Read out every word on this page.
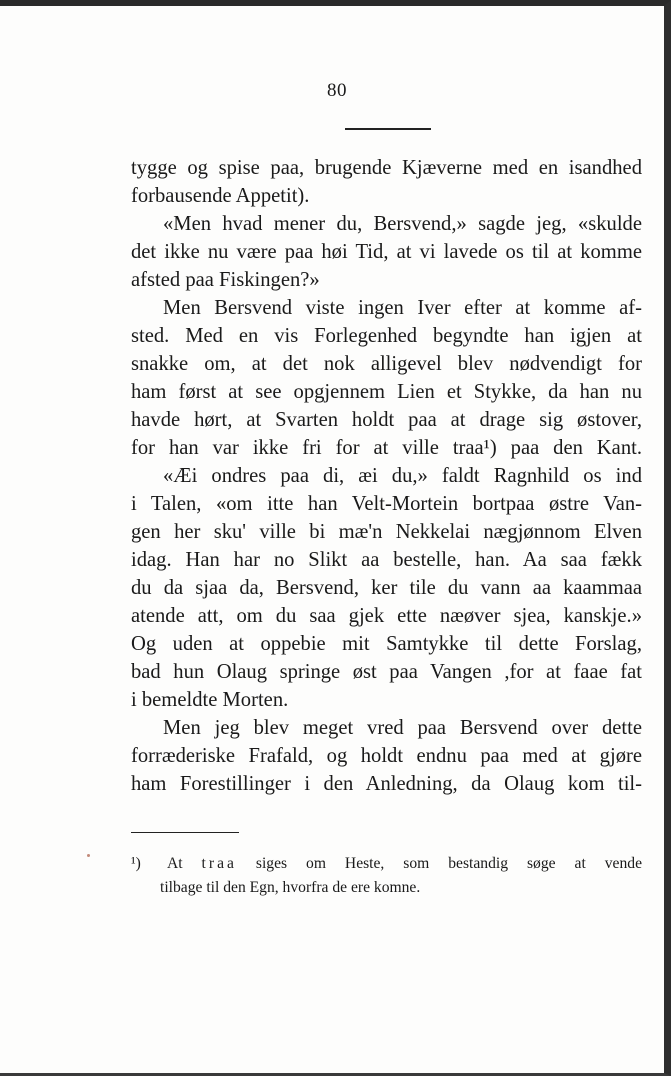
80
tygge og spise paa, brugende Kjæverne med en isandhed
forbausende Appetit).
«Men hvad mener du, Bersvend,» sagde jeg, «skulde
det ikke nu være paa høi Tid, at vi lavede os til at komme
afsted paa Fiskingen?»
Men Bersvend viste ingen Iver efter at komme af-
sted. Med en vis Forlegenhed begyndte han igjen at
snakke om, at det nok alligevel blev nødvendigt for
ham først at see opgjennem Lien et Stykke, da han nu
havde hørt, at Svarten holdt paa at drage sig østover,
for han var ikke fri for at ville traa¹) paa den Kant.
«Æi ondres paa di, æi du,» faldt Ragnhild os ind
i Talen, «om itte han Velt-Mortein bortpaa østre Van-
gen her sku' ville bi mæ'n Nekkelai nægjønnom Elven
idag. Han har no Slikt aa bestelle, han. Aa saa fækk
du da sjaa da, Bersvend, ker tile du vann aa kaammaa
atende att, om du saa gjek ette næøver sjea, kanskje.»
Og uden at oppebie mit Samtykke til dette Forslag,
bad hun Olaug springe øst paa Vangen ,for at faae fat
i bemeldte Morten.
Men jeg blev meget vred paa Bersvend over dette
forræderiske Frafald, og holdt endnu paa med at gjøre
ham Forestillinger i den Anledning, da Olaug kom til-
¹) At traa siges om Heste, som bestandig søge at vende
tilbage til den Egn, hvorfra de ere komne.
